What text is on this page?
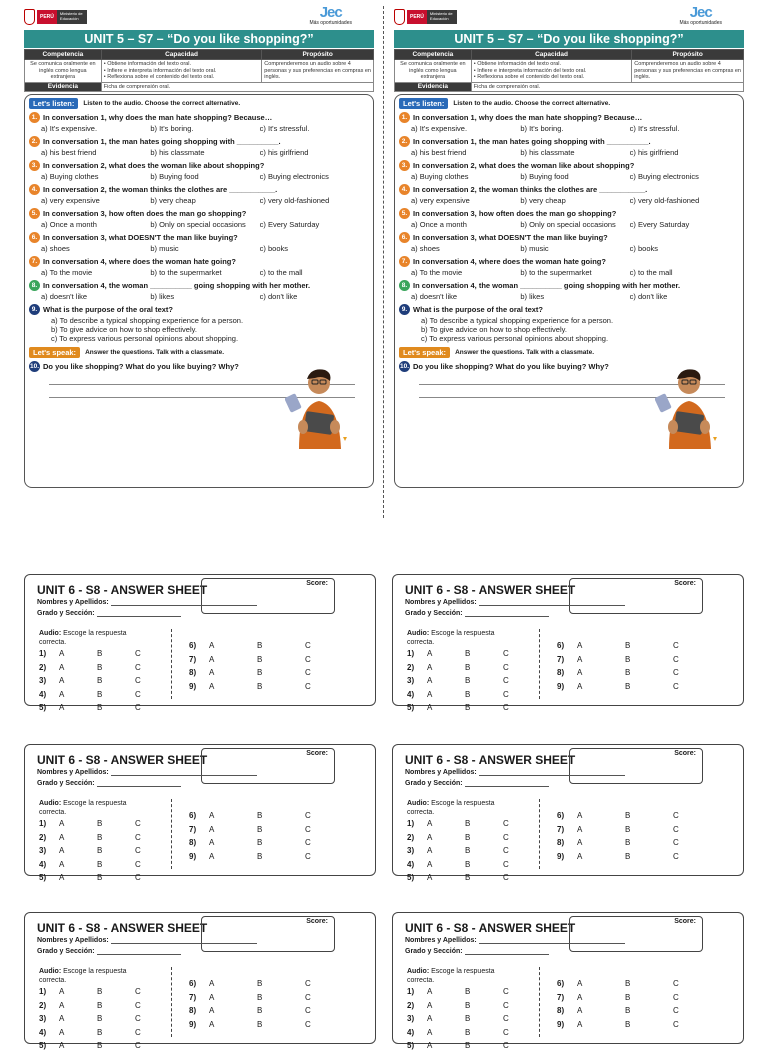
PERÚ
Ministerio de Educación	Jec
Más oportunidades
UNIT 5 – S7 – “Do you like shopping?”
Competencia	Capacidad	Propósito
Se comunica oralmente en inglés como lengua extranjera	• Obtiene información del texto oral.
• Infiere e interpreta información del texto oral.
• Reflexiona sobre el contenido del texto oral.	Comprenderemos un audio sobre 4 personas y sus preferencias en compras en inglés.
Evidencia	Ficha de comprensión oral.	
Let's listen:	Listen to the audio. Choose the correct alternative.
1. In conversation 1, why does the man hate shopping? Because…
a) It's expensive.	b) It's boring.	c) It's stressful.
2. In conversation 1, the man hates going shopping with __________.
a) his best friend	b) his classmate	c) his girlfriend
3. In conversation 2, what does the woman like about shopping?
a) Buying clothes	b) Buying food	c) Buying electronics
4. In conversation 2, the woman thinks the clothes are ___________.
a) very expensive	b) very cheap	c) very old-fashioned
5. In conversation 3, how often does the man go shopping?
a) Once a month	b) Only on special occasions	c) Every Saturday
6. In conversation 3, what DOESN'T the man like buying?
a) shoes	b) music	c) books
7. In conversation 4, where does the woman hate going?
a) To the movie	b) to the supermarket	c) to the mall
8. In conversation 4, the woman __________ going shopping with her mother.
a) doesn't like	b) likes	c) don't like
9. What is the purpose of the oral text?
a) To describe a typical shopping experience for a person.
b) To give advice on how to shop effectively.
c) To express various personal opinions about shopping.
Let's speak:	Answer the questions. Talk with a classmate.
10. Do you like shopping? What do you like buying? Why?
PERÚ
Ministerio de Educación	Jec
Más oportunidades
UNIT 5 – S7 – “Do you like shopping?”
Competencia	Capacidad	Propósito
Se comunica oralmente en inglés como lengua extranjera	• Obtiene información del texto oral.
• Infiere e interpreta información del texto oral.
• Reflexiona sobre el contenido del texto oral.	Comprenderemos un audio sobre 4 personas y sus preferencias en compras en inglés.
Evidencia	Ficha de comprensión oral.	
Let's listen:	Listen to the audio. Choose the correct alternative.
1. In conversation 1, why does the man hate shopping? Because…
a) It's expensive.	b) It's boring.	c) It's stressful.
2. In conversation 1, the man hates going shopping with __________.
a) his best friend	b) his classmate	c) his girlfriend
3. In conversation 2, what does the woman like about shopping?
a) Buying clothes	b) Buying food	c) Buying electronics
4. In conversation 2, the woman thinks the clothes are ___________.
a) very expensive	b) very cheap	c) very old-fashioned
5. In conversation 3, how often does the man go shopping?
a) Once a month	b) Only on special occasions	c) Every Saturday
6. In conversation 3, what DOESN'T the man like buying?
a) shoes	b) music	c) books
7. In conversation 4, where does the woman hate going?
a) To the movie	b) to the supermarket	c) to the mall
8. In conversation 4, the woman __________ going shopping with her mother.
a) doesn't like	b) likes	c) don't like
9. What is the purpose of the oral text?
a) To describe a typical shopping experience for a person.
b) To give advice on how to shop effectively.
c) To express various personal opinions about shopping.
Let's speak:	Answer the questions. Talk with a classmate.
10. Do you like shopping? What do you like buying? Why?
UNIT 6 - S8 - ANSWER SHEET	Score:
Nombres y Apellidos:
Grado y Sección:
Audio: Escoge la respuesta correcta.
1)	A	B	C
2)	A	B	C
3)	A	B	C
4)	A	B	C
5)	A	B	C
6)	A	B	C
7)	A	B	C
8)	A	B	C
9)	A	B	C
UNIT 6 - S8 - ANSWER SHEET	Score:
Nombres y Apellidos:
Grado y Sección:
Audio: Escoge la respuesta correcta.
1)	A	B	C
2)	A	B	C
3)	A	B	C
4)	A	B	C
5)	A	B	C
6)	A	B	C
7)	A	B	C
8)	A	B	C
9)	A	B	C
UNIT 6 - S8 - ANSWER SHEET	Score:
Nombres y Apellidos:
Grado y Sección:
Audio: Escoge la respuesta correcta.
1)	A	B	C
2)	A	B	C
3)	A	B	C
4)	A	B	C
5)	A	B	C
6)	A	B	C
7)	A	B	C
8)	A	B	C
9)	A	B	C
UNIT 6 - S8 - ANSWER SHEET	Score:
Nombres y Apellidos:
Grado y Sección:
Audio: Escoge la respuesta correcta.
1)	A	B	C
2)	A	B	C
3)	A	B	C
4)	A	B	C
5)	A	B	C
6)	A	B	C
7)	A	B	C
8)	A	B	C
9)	A	B	C
UNIT 6 - S8 - ANSWER SHEET	Score:
Nombres y Apellidos:
Grado y Sección:
Audio: Escoge la respuesta correcta.
1)	A	B	C
2)	A	B	C
3)	A	B	C
4)	A	B	C
5)	A	B	C
6)	A	B	C
7)	A	B	C
8)	A	B	C
9)	A	B	C
UNIT 6 - S8 - ANSWER SHEET	Score:
Nombres y Apellidos:
Grado y Sección:
Audio: Escoge la respuesta correcta.
1)	A	B	C
2)	A	B	C
3)	A	B	C
4)	A	B	C
5)	A	B	C
6)	A	B	C
7)	A	B	C
8)	A	B	C
9)	A	B	C
